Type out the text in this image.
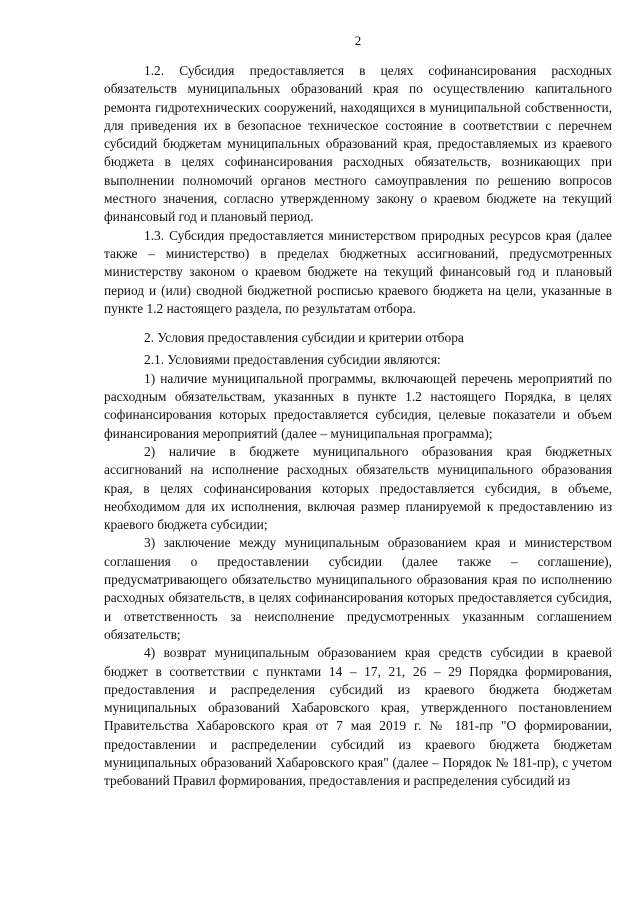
2

1.2. Субсидия предоставляется в целях софинансирования расходных обязательств муниципальных образований края по осуществлению капитального ремонта гидротехнических сооружений, находящихся в муниципальной собственности, для приведения их в безопасное техническое состояние в соответствии с перечнем субсидий бюджетам муниципальных образований края, предоставляемых из краевого бюджета в целях софинансирования расходных обязательств, возникающих при выполнении полномочий органов местного самоуправления по решению вопросов местного значения, согласно утвержденному закону о краевом бюджете на текущий финансовый год и плановый период.

1.3. Субсидия предоставляется министерством природных ресурсов края (далее также – министерство) в пределах бюджетных ассигнований, предусмотренных министерству законом о краевом бюджете на текущий финансовый год и плановый период и (или) сводной бюджетной росписью краевого бюджета на цели, указанные в пункте 1.2 настоящего раздела, по результатам отбора.

2. Условия предоставления субсидии и критерии отбора

2.1. Условиями предоставления субсидии являются:

1) наличие муниципальной программы, включающей перечень мероприятий по расходным обязательствам, указанных в пункте 1.2 настоящего Порядка, в целях софинансирования которых предоставляется субсидия, целевые показатели и объем финансирования мероприятий (далее – муниципальная программа);

2) наличие в бюджете муниципального образования края бюджетных ассигнований на исполнение расходных обязательств муниципального образования края, в целях софинансирования которых предоставляется субсидия, в объеме, необходимом для их исполнения, включая размер планируемой к предоставлению из краевого бюджета субсидии;

3) заключение между муниципальным образованием края и министерством соглашения о предоставлении субсидии (далее также – соглашение), предусматривающего обязательство муниципального образования края по исполнению расходных обязательств, в целях софинансирования которых предоставляется субсидия, и ответственность за неисполнение предусмотренных указанным соглашением обязательств;

4) возврат муниципальным образованием края средств субсидии в краевой бюджет в соответствии с пунктами 14 – 17, 21, 26 – 29 Порядка формирования, предоставления и распределения субсидий из краевого бюджета бюджетам муниципальных образований Хабаровского края, утвержденного постановлением Правительства Хабаровского края от 7 мая 2019 г. № 181-пр "О формировании, предоставлении и распределении субсидий из краевого бюджета бюджетам муниципальных образований Хабаровского края" (далее – Порядок № 181-пр), с учетом требований Правил формирования, предоставления и распределения субсидий из
